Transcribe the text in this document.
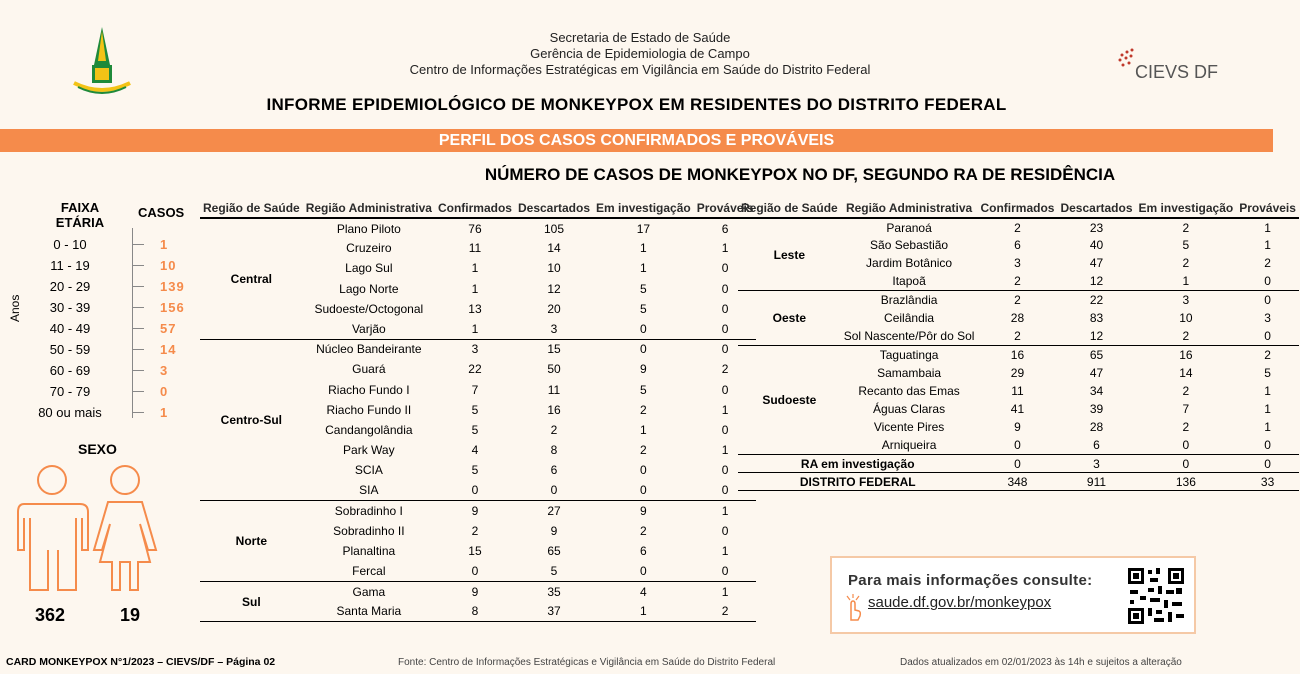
CIEVS DF
Secretaria de Estado de Saúde
Gerência de Epidemiologia de Campo
Centro de Informações Estratégicas em Vigilância em Saúde do Distrito Federal
INFORME EPIDEMIOLÓGICO DE MONKEYPOX EM RESIDENTES DO DISTRITO FEDERAL
PERFIL DOS CASOS CONFIRMADOS E PROVÁVEIS
NÚMERO DE CASOS DE MONKEYPOX NO DF, SEGUNDO RA DE RESIDÊNCIA
FAIXA ETÁRIA
CASOS
Anos
0 - 10	1
11 - 19	10
20 - 29	139
30 - 39	156
40 - 49	57
50 - 59	14
60 - 69	3
70 - 79	0
80 ou mais	1
SEXO
362	19
Região de Saúde	Região Administrativa	Confirmados	Descartados	Em investigação	Prováveis
Central	Plano Piloto	76	105	17	6
	Cruzeiro	11	14	1	1
	Lago Sul	1	10	1	0
	Lago Norte	1	12	5	0
	Sudoeste/Octogonal	13	20	5	0
	Varjão	1	3	0	0
Centro-Sul	Núcleo Bandeirante	3	15	0	0
	Guará	22	50	9	2
	Riacho Fundo I	7	11	5	0
	Riacho Fundo II	5	16	2	1
	Candangolândia	5	2	1	0
	Park Way	4	8	2	1
	SCIA	5	6	0	0
	SIA	0	0	0	0
Norte	Sobradinho I	9	27	9	1
	Sobradinho II	2	9	2	0
	Planaltina	15	65	6	1
	Fercal	0	5	0	0
Sul	Gama	9	35	4	1
	Santa Maria	8	37	1	2
Região de Saúde	Região Administrativa	Confirmados	Descartados	Em investigação	Prováveis
Leste	Paranoá	2	23	2	1
	São Sebastião	6	40	5	1
	Jardim Botânico	3	47	2	2
	Itapoã	2	12	1	0
Oeste	Brazlândia	2	22	3	0
	Ceilândia	28	83	10	3
	Sol Nascente/Pôr do Sol	2	12	2	0
Sudoeste	Taguatinga	16	65	16	2
	Samambaia	29	47	14	5
	Recanto das Emas	11	34	2	1
	Águas Claras	41	39	7	1
	Vicente Pires	9	28	2	1
	Arniqueira	0	6	0	0
RA em investigação		0	3	0	0
DISTRITO FEDERAL		348	911	136	33
Para mais informações consulte:
saude.df.gov.br/monkeypox
CARD MONKEYPOX N°1/2023 – CIEVS/DF – Página 02	Fonte: Centro de Informações Estratégicas e Vigilância em Saúde do Distrito Federal	Dados atualizados em 02/01/2023 às 14h e sujeitos a alteração
